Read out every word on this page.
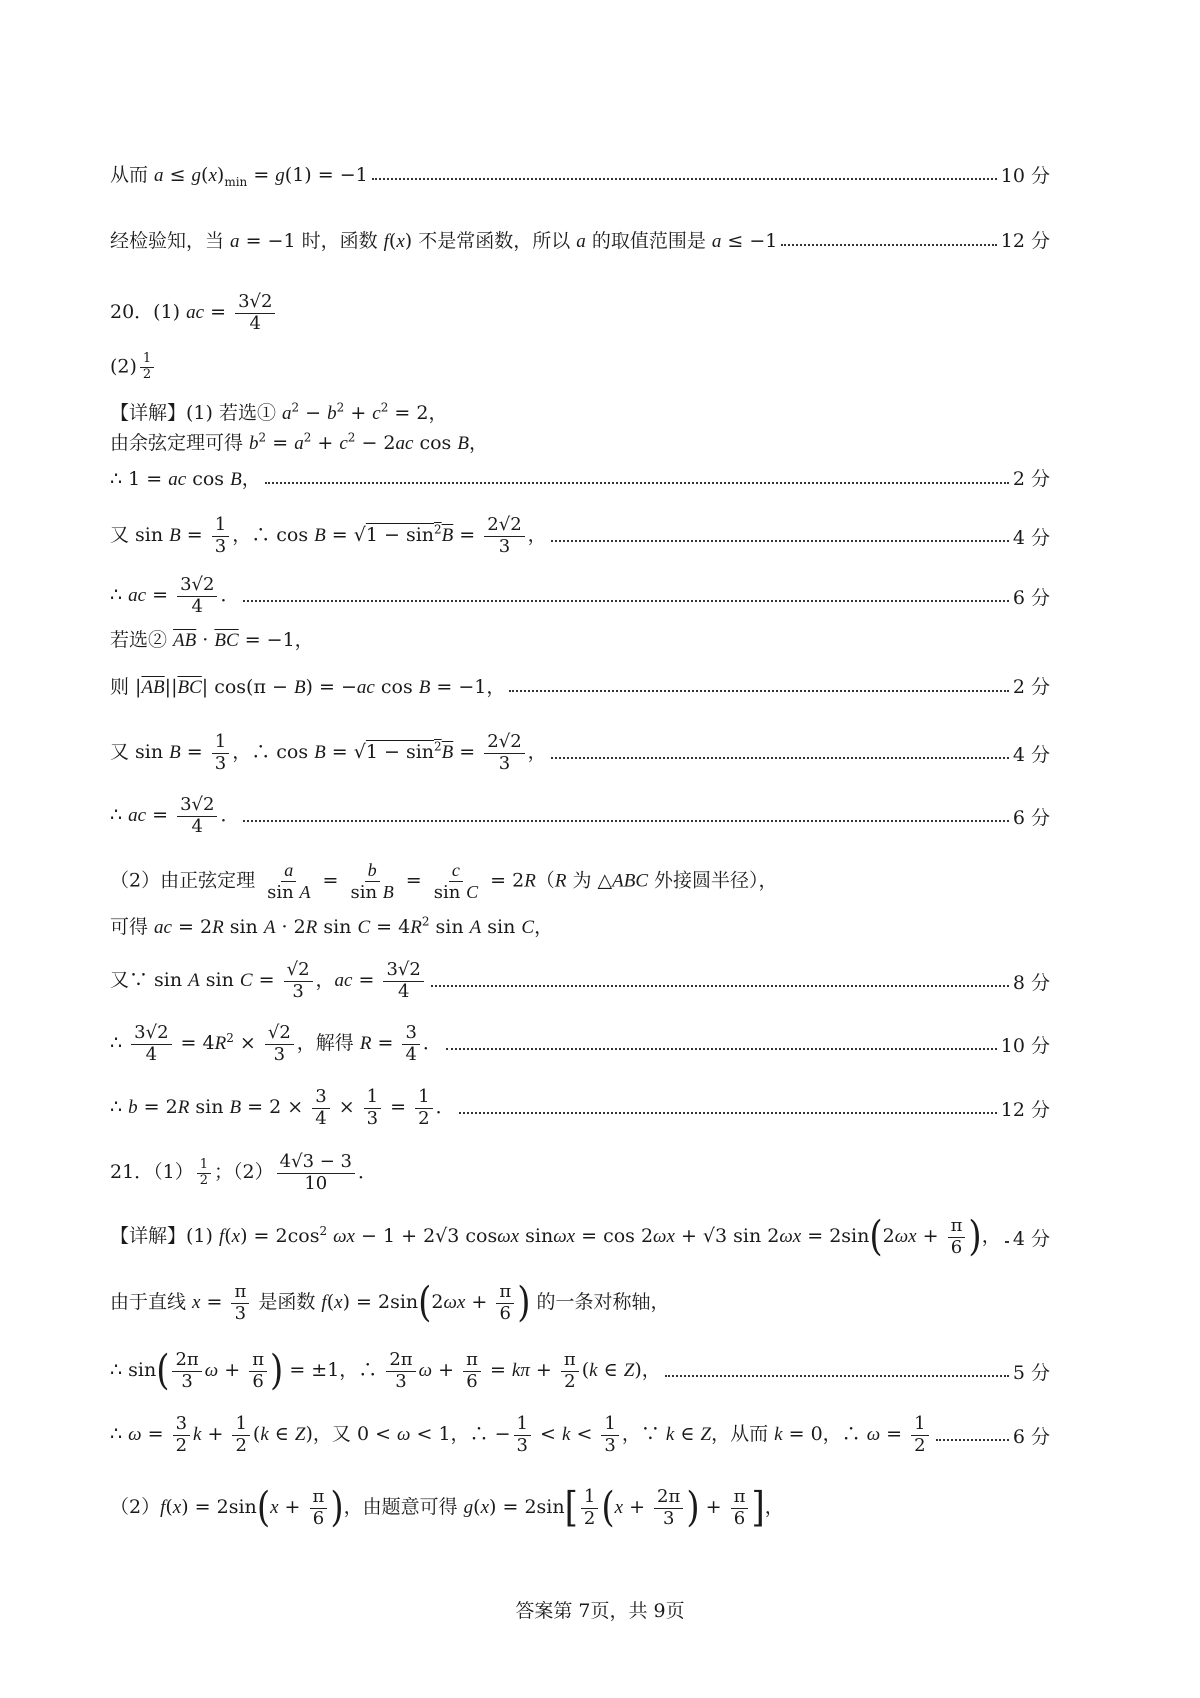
从而 $a \le g(x)_{min} = g(1) = -1$	10 分
经检验知，当 a = −1 时，函数 f(x) 不是常函数，所以 a 的取值范围是 a ≤ −1	12 分
20．(1) ac = $\frac{3√2}{4}$
$(2) \frac{1}{2}$
【详解】(1) 若选① $a^2 - b^2 + c^2 = 2$，
由余弦定理可得 $b^2 = a^2 + c^2 - 2ac$ cos B，
∴ 1 = ac cos B，	2 分
又 $\sin B = \frac{1}{3}$ ，∴ $\cos B = √1 - \sin^2B = \frac{2√2}{3}$ ，	4 分
∴ ac = $\frac{3√2}{4}$ ．	6 分
若选② $\overline{AB} \cdot \overline{BC} = -1$，
则 $|\overline{AB}||\overline{BC}|$ cos(π − B) = −ac cos B = −1，	2 分
又 $\sin B = \frac{1}{3}$ ，∴ $\cos B = √1 - \sin^2B = \frac{2√2}{3}$ ，	4 分
∴ ac = $\frac{3√2}{4}$ ．	6 分
（2）由正弦定理 $\frac{a}{\text{sin A}} = \frac{b}{\text{sin B}} = \frac{c}{\text{sin C}} = 2R(R$ 为 △ABC 外接圆半径），
可得 ac = 2R sin A · 2R $\sin C = 4R^2$ sin A sin C，
又∵ sin A $\sin C = \frac{√2}{3}$ ，ac = $\frac{3√2}{4}$	8 分
∴ $\frac{3√2}{4} = 4R^2 \times \frac{√2}{3}$ ，解得 $R = \frac{3}{4}$ ．	10 分
∴ b = 2R $\sin B = 2 \times \frac{3}{4} \times \frac{1}{3} = \frac{1}{2}$ ．	12 分
21．$(1) \frac{1}{2}$ ；$(2) \frac{4√3 - 3}{10}$ ．
【详解】(1) $f(x) = 2\cos^2$ ωx − 1 + 2√3 cosωx sinωx = cos 2ωx + √3 $\sin 2\omega x = 2\sin(2\omega x + \frac{\pi}{6}$ )， 4 分
由于直线 $x = \frac{\pi}{3}$ 是函数 $f(x) = 2\sin(2\omega x + \frac{\pi}{6}$ ) 的一条对称轴，
∴ $\sin( \frac{2\pi}{3}$ $\omega + \frac{\pi}{6}$ ) = ±1，∴ $\frac{2\pi}{3}$ $\omega + \frac{\pi}{6} = k\pi + \frac{\pi}{2} (k$ ∈ Z)，	5 分
∴ $\omega = \frac{3}{2}$ $k + \frac{1}{2} (k$ ∈ Z)，又 0 < ω < 1，∴ − $\frac{1}{3} < k < \frac{1}{3}$ ，∵ k ∈ Z，从而 k = 0，∴ $\omega = \frac{1}{2}$	6 分
$(2)f(x) = 2\sin(x + \frac{\pi}{6}$ )，由题意可得 $g(x) = 2\sin[ \frac{1}{2} (x + \frac{2\pi}{3}$ ) + $\frac{\pi}{6}$ ]，
答案第 7页，共 9页
